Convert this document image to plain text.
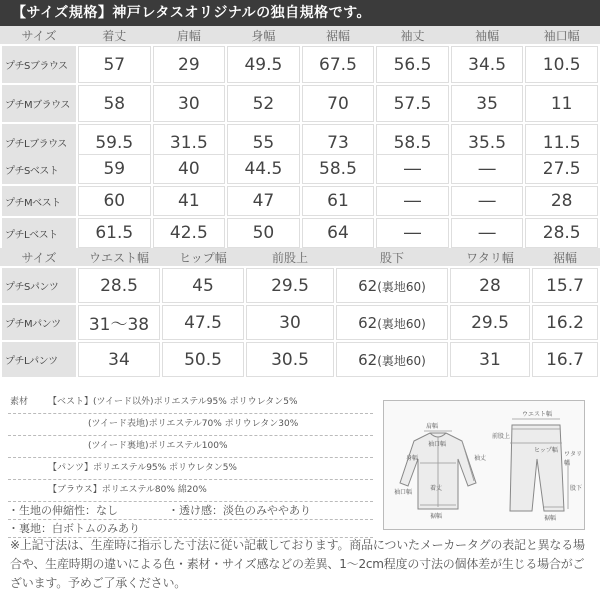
【サイズ規格】神戸レタスオリジナルの独自規格です。
サイズ	着丈	肩幅	身幅	裾幅	袖丈	袖幅	袖口幅
プチSブラウス	57	29	49.5	67.5	56.5	34.5	10.5
プチMブラウス	58	30	52	70	57.5	35	11
プチLブラウス	59.5	31.5	55	73	58.5	35.5	11.5
プチSベスト	59	40	44.5	58.5	―	―	27.5
プチMベスト	60	41	47	61	―	―	28
プチLベスト	61.5	42.5	50	64	―	―	28.5
サイズ	ウエスト幅	ヒップ幅	前股上	股下	ワタリ幅	裾幅
プチSパンツ	28.5	45	29.5	62(裏地60)	28	15.7
プチMパンツ	31〜38	47.5	30	62(裏地60)	29.5	16.2
プチLパンツ	34	50.5	30.5	62(裏地60)	31	16.7
素材 【ベスト】(ツイード以外)ポリエステル95% ポリウレタン5%
(ツイード表地)ポリエステル70% ポリウレタン30%
(ツイード裏地)ポリエステル100%
【パンツ】ポリエステル95% ポリウレタン5%
【ブラウス】ポリエステル80% 綿20%
・生地の伸縮性：なし	・透け感：淡色のみややあり
・裏地：白ボトムのみあり
肩幅
袖口幅
着丈
身幅	袖丈
袖口幅
裾幅
ウエスト幅
前股上
ヒップ幅
ワタリ幅
股下
裾幅
※上記寸法は、生産時に指示した寸法に従い記載しております。商品についたメーカータグの表記と異なる場合や、生産時期の違いによる色・素材・サイズ感などの差異、1〜2cm程度の寸法の個体差が生じる場合がございます。予めご了承ください。
